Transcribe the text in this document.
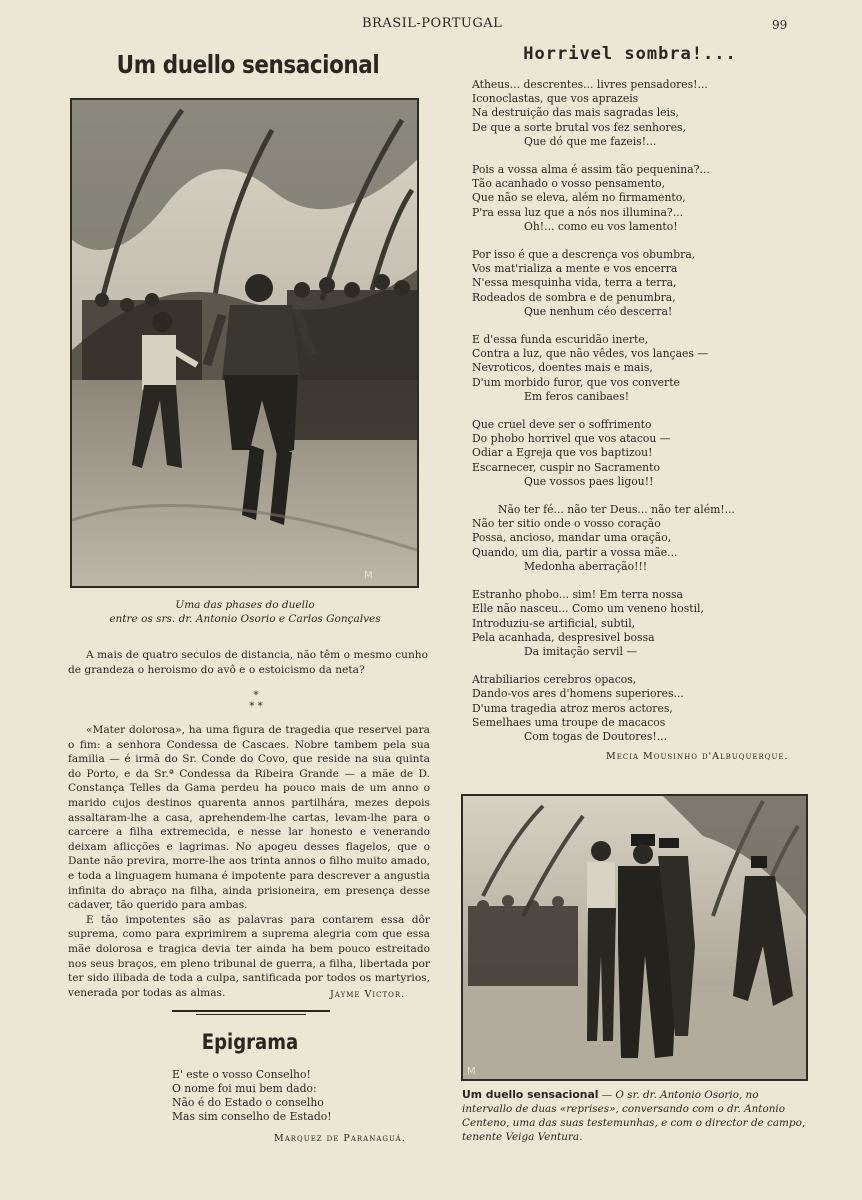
BRASIL-PORTUGAL	99
Um duello sensacional	Horrivel sombra!...
M
Uma das phases do duello
entre os srs. dr. Antonio Osorio e Carlos Gonçalves

A mais de quatro seculos de distancia, não têm o mesmo cunho de grandeza o heroismo do avô e o estoicismo da neta?

*
* *

«Mater dolorosa», ha uma figura de tragedia que reservei para o fim: a senhora Condessa de Cascaes. Nobre tambem pela sua familia — é irmã do Sr. Conde do Covo, que reside na sua quinta do Porto, e da Sr.ª Condessa da Ribeira Grande — a mãe de D. Constança Telles da Gama perdeu ha pouco mais de um anno o marido cujos destinos quarenta annos partilhára, mezes depois assaltaram-lhe a casa, aprehendem-lhe cartas, levam-lhe para o carcere a filha extremecida, e nesse lar honesto e venerando deixam aflicções e lagrimas. No apogeu desses flagelos, que o Dante não previra, morre-lhe aos trinta annos o filho muito amado, e toda a linguagem humana é impotente para descrever a angustia infinita do abraço na filha, ainda prisioneira, em presença desse cadaver, tão querido para ambas.

E tão impotentes são as palavras para contarem essa dôr suprema, como para exprimirem a suprema alegria com que essa mãe dolorosa e tragica devia ter ainda ha bem pouco estreitado nos seus braços, em pleno tribunal de guerra, a filha, libertada por ter sido ilibada de toda a culpa, santificada por todos os martyrios, venerada por todas as almas.	Jayme Victor.
Epigrama
E' este o vosso Conselho!
O nome foi mui bem dado:
Não é do Estado o conselho
Mas sim conselho de Estado!
Marquez de Paranaguá.
Atheus... descrentes... livres pensadores!...
Iconoclastas, que vos aprazeis
Na destruição das mais sagradas leis,
De que a sorte brutal vos fez senhores,
Que dó que me fazeis!...
Pois a vossa alma é assim tão pequenina?...
Tão acanhado o vosso pensamento,
Que não se eleva, além no firmamento,
P'ra essa luz que a nós nos illumina?...
Oh!... como eu vos lamento!
Por isso é que a descrença vos obumbra,
Vos mat'rializa a mente e vos encerra
N'essa mesquinha vida, terra a terra,
Rodeados de sombra e de penumbra,
Que nenhum céo descerra!
E d'essa funda escuridão inerte,
Contra a luz, que não vêdes, vos lançaes —
Nevroticos, doentes mais e mais,
D'um morbido furor, que vos converte
Em feros canibaes!
Que cruel deve ser o soffrimento
Do phobo horrivel que vos atacou —
Odiar a Egreja que vos baptizou!
Escarnecer, cuspir no Sacramento
Que vossos paes ligou!!
Não ter fé... não ter Deus... não ter além!...
Não ter sitio onde o vosso coração
Possa, ancioso, mandar uma oração,
Quando, um dia, partir a vossa mãe...
Medonha aberração!!!
Estranho phobo... sim! Em terra nossa
Elle não nasceu... Como um veneno hostil,
Introduziu-se artificial, subtil,
Pela acanhada, despresivel bossa
Da imitação servil —
Atrabiliarios cerebros opacos,
Dando-vos ares d'homens superiores...
D'uma tragedia atroz meros actores,
Semelhaes uma troupe de macacos
Com togas de Doutores!...
Mecia Mousinho d'Albuquerque.
M
Um duello sensacional — O sr. dr. Antonio Osorio, no intervallo de duas «reprises», conversando com o dr. Antonio Centeno, uma das suas testemunhas, e com o director de campo, tenente Veiga Ventura.
